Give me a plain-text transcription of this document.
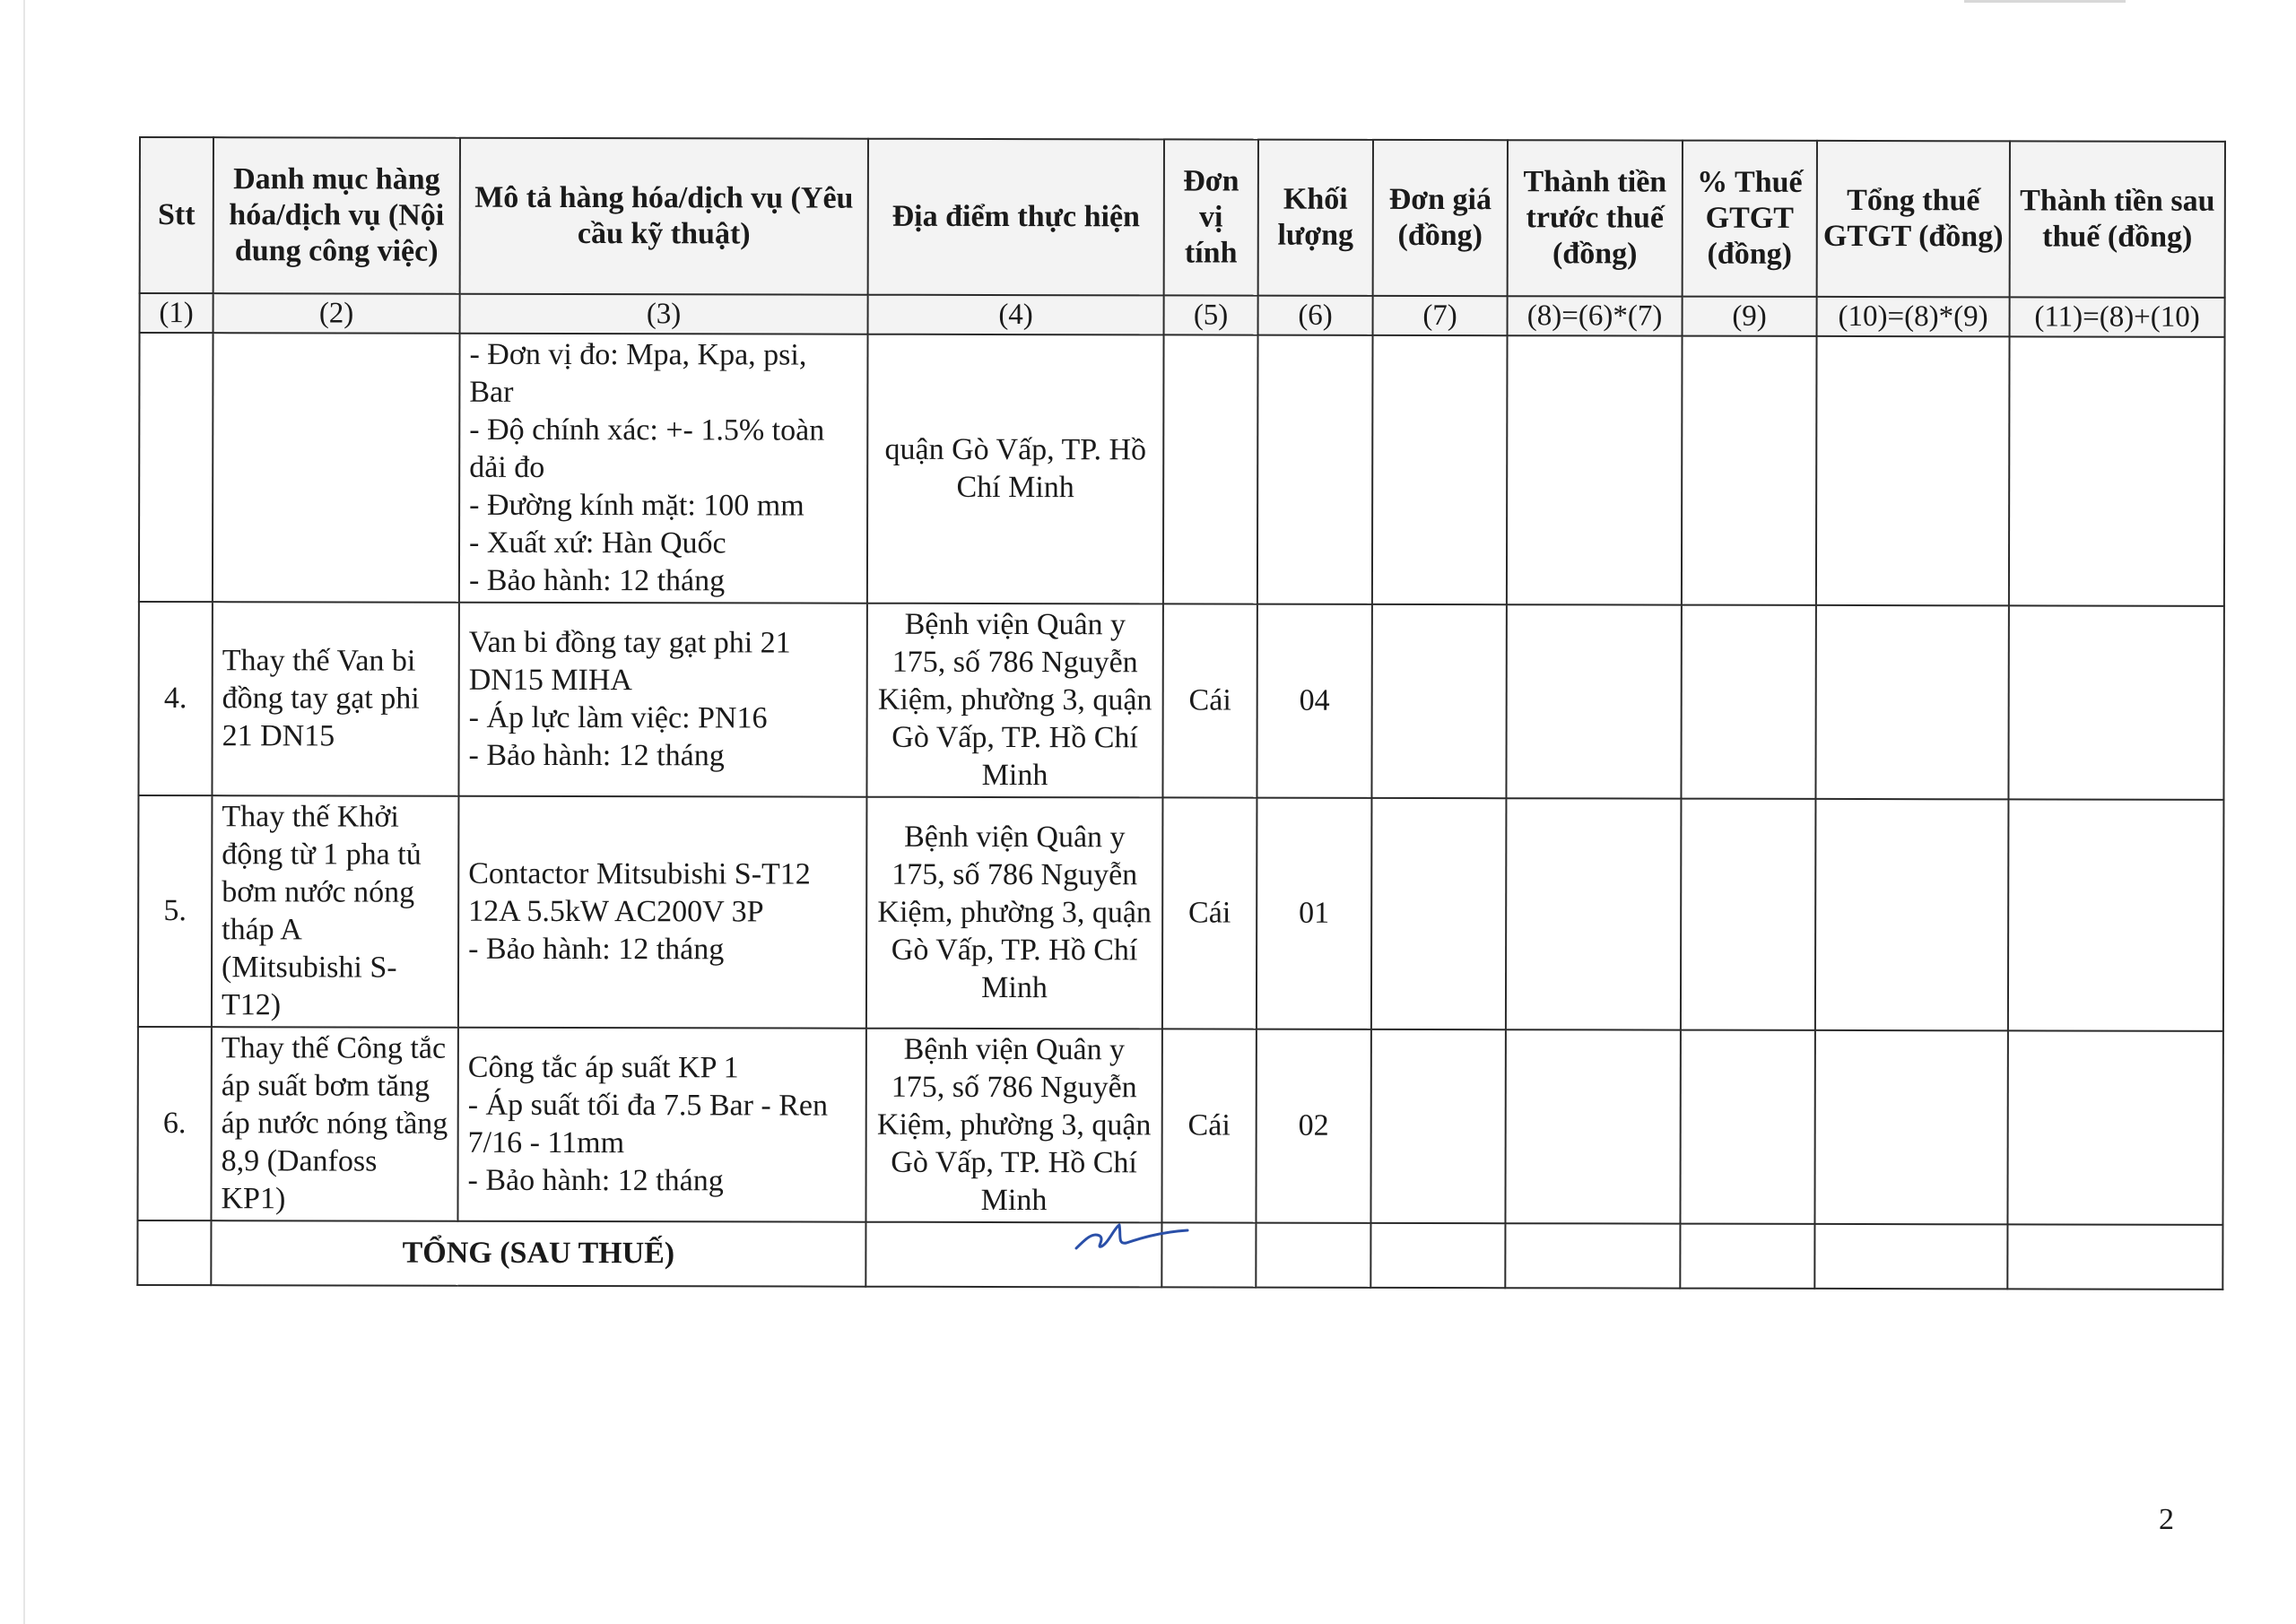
Stt	Danh mục hàng hóa/dịch vụ (Nội dung công việc)	Mô tả hàng hóa/dịch vụ (Yêu cầu kỹ thuật)	Địa điểm thực hiện	Đơn vị tính	Khối lượng	Đơn giá (đồng)	Thành tiền trước thuế (đồng)	% Thuế GTGT (đồng)	Tổng thuế GTGT (đồng)	Thành tiền sau thuế (đồng)
(1)	(2)	(3)	(4)	(5)	(6)	(7)	(8)=(6)*(7)	(9)	(10)=(8)*(9)	(11)=(8)+(10)
		- Đơn vị đo: Mpa, Kpa, psi, Bar
- Độ chính xác: +- 1.5% toàn dải đo
- Đường kính mặt: 100 mm
- Xuất xứ: Hàn Quốc
- Bảo hành: 12 tháng	quận Gò Vấp, TP. Hồ Chí Minh							
4.	Thay thế Van bi đồng tay gạt phi 21 DN15	Van bi đồng tay gạt phi 21 DN15 MIHA
- Áp lực làm việc: PN16
- Bảo hành: 12 tháng	Bệnh viện Quân y 175, số 786 Nguyễn Kiệm, phường 3, quận Gò Vấp, TP. Hồ Chí Minh	Cái	04					
5.	Thay thế Khởi động từ 1 pha tủ bơm nước nóng tháp A (Mitsubishi S-T12)	Contactor Mitsubishi S-T12 12A 5.5kW AC200V 3P
- Bảo hành: 12 tháng	Bệnh viện Quân y 175, số 786 Nguyễn Kiệm, phường 3, quận Gò Vấp, TP. Hồ Chí Minh	Cái	01					
6.	Thay thế Công tắc áp suất bơm tăng áp nước nóng tầng 8,9 (Danfoss KP1)	Công tắc áp suất KP 1
- Áp suất tối đa 7.5 Bar - Ren 7/16 - 11mm
- Bảo hành: 12 tháng	Bệnh viện Quân y 175, số 786 Nguyễn Kiệm, phường 3, quận Gò Vấp, TP. Hồ Chí Minh	Cái	02					
	TỔNG (SAU THUẾ)									
2
